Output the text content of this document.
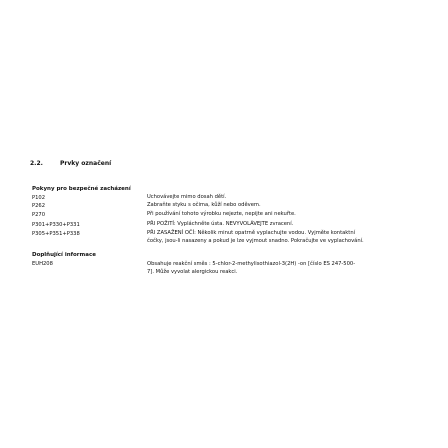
2.2.	Prvky označení
Pokyny pro bezpečné zacházení
P102	Uchovávejte mimo dosah dětí.
P262	Zabraňte styku s očima, kůží nebo oděvem.
P270	Při používání tohoto výrobku nejezte, nepijte ani nekuřte.
P301+P330+P331	PŘI POŽITÍ: Vypláchněte ústa. NEVYVOLÁVEJTE zvracení.
P305+P351+P338	PŘI ZASAŽENÍ OČÍ: Několik minut opatrně vyplachujte vodou. Vyjměte kontaktní
čočky, jsou-li nasazeny a pokud je lze vyjmout snadno. Pokračujte ve vyplachování.
Doplňující informace
EUH208	Obsahuje reakční směs : 5-chlor-2-methylisothiazol-3(2H) -on [číslo ES 247-500-
7]. Může vyvolat alergickou reakci.
